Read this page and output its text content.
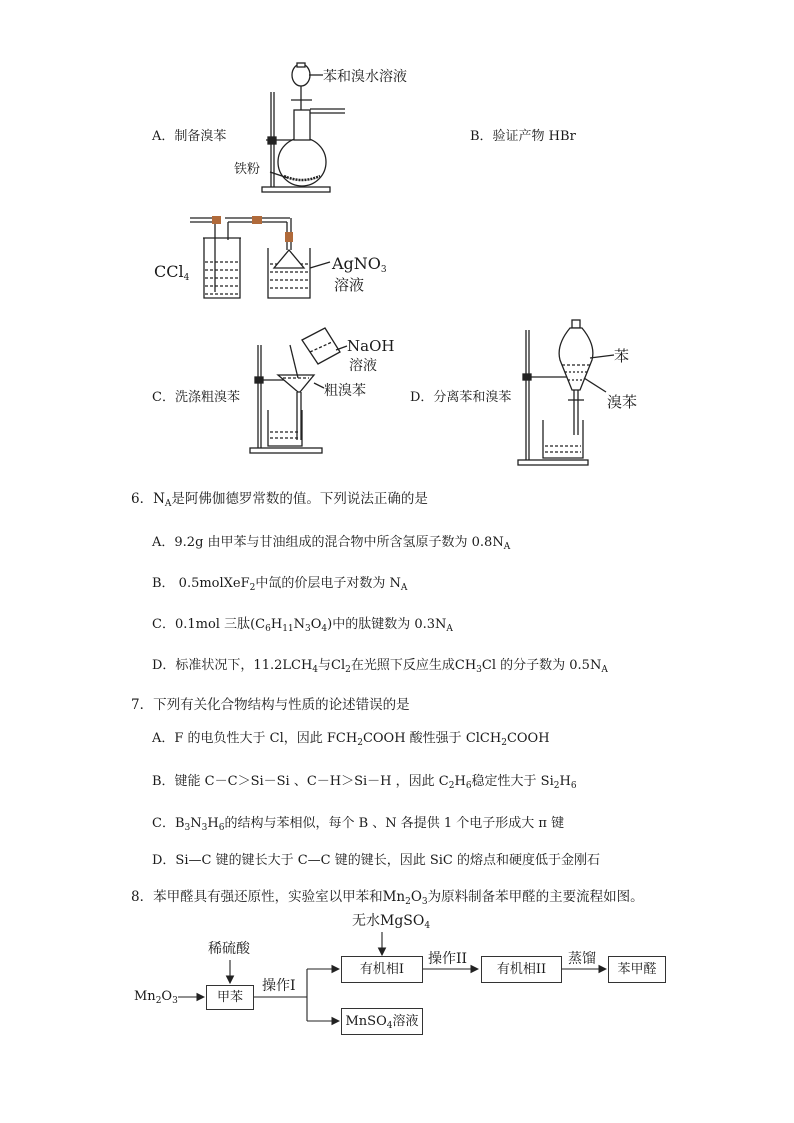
苯和溴水溶液
铁粉
A．制备溴苯	B．验证产物 HBr
CCl4
AgNO3
溶液
NaOH
溶液
粗溴苯
C．洗涤粗溴苯
苯
溴苯
D．分离苯和溴苯
6．$N_A$是阿佛伽德罗常数的值。下列说法正确的是
A．9.2g 由甲苯与甘油组成的混合物中所含氢原子数为 $0.8N_A$
B． 0.5molXeF$_2$中氙的价层电子对数为 $N_A$
C．0.1mol 三肽$(C_6H_{11}N_3O_4)$中的肽键数为 $0.3N_A$
D．标准状况下，$11.2LCH_4$与$Cl_2$在光照下反应生成$CH_3Cl$ 的分子数为 $0.5N_A$
7．下列有关化合物结构与性质的论述错误的是
A．F 的电负性大于 Cl，因此 $FCH_2COOH$ 酸性强于 ClCH$_2$COOH
B．键能 C－C＞Si－Si 、C－H＞Si－H ，因此 $C_2H_6$稳定性大于 $Si_2H_6$
C．$B_3N_3H_6$的结构与苯相似，每个 B 、N 各提供 1 个电子形成大 π 键
D．Si—C 键的键长大于 C—C 键的键长，因此 SiC 的熔点和硬度低于金刚石
8．苯甲醛具有强还原性，实验室以甲苯和$Mn_2O_3$为原料制备苯甲醛的主要流程如图。
无水MgSO$_4$
稀硫酸
$Mn_2O_3$	甲苯
操作I
有机相I
MnSO$_4$溶液
操作II
有机相II
蒸馏
苯甲醛
